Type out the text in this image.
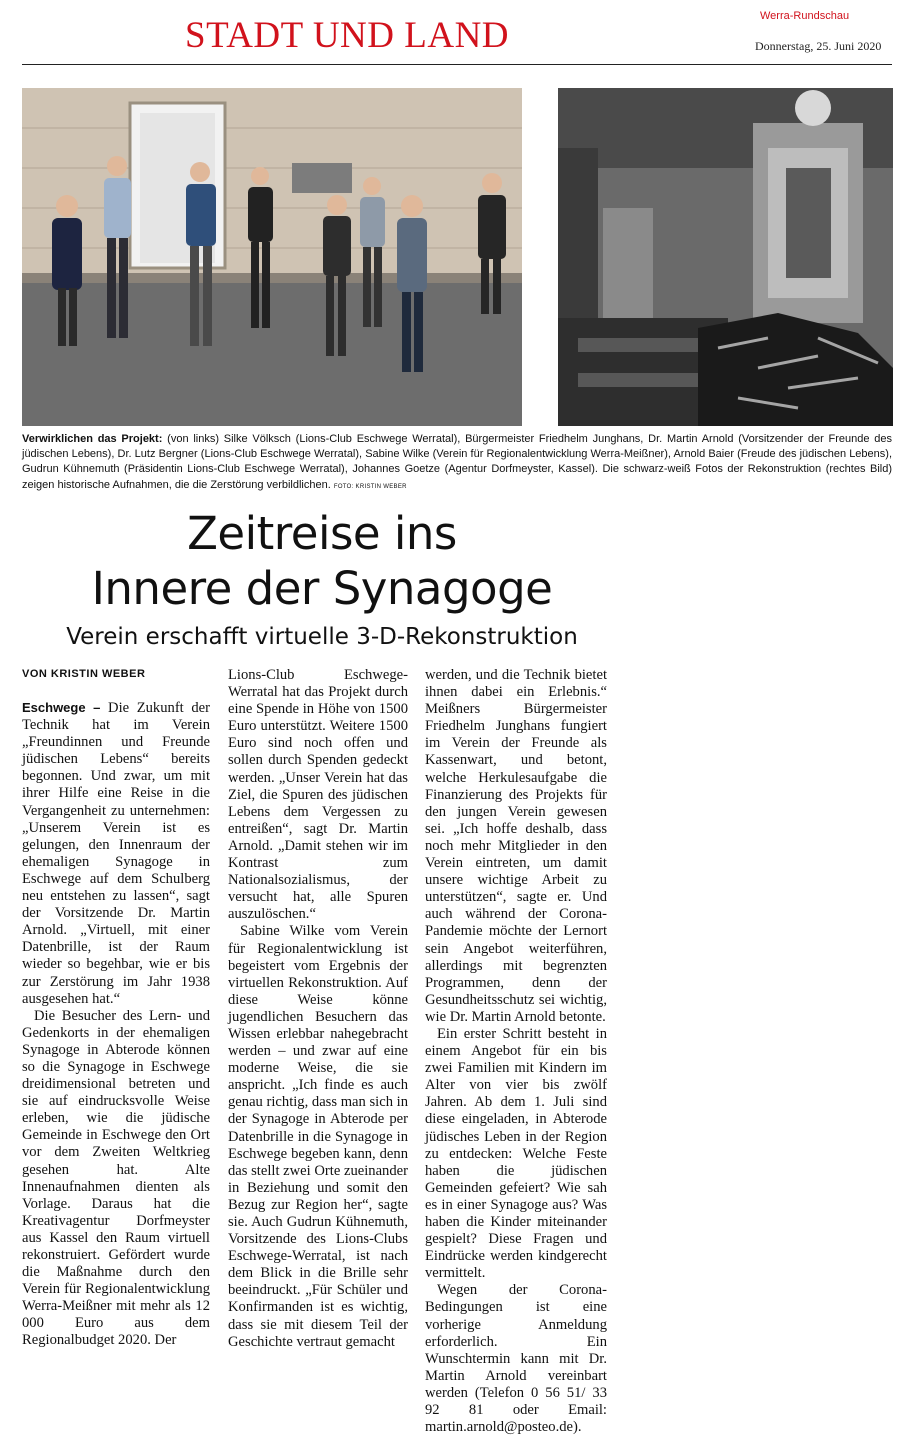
STADT UND LAND	Werra-Rundschau
Donnerstag, 25. Juni 2020
Verwirklichen das Projekt: (von links) Silke Völksch (Lions-Club Eschwege Werratal), Bürgermeister Friedhelm Junghans, Dr. Martin Arnold (Vorsitzender der Freunde des jüdischen Lebens), Dr. Lutz Bergner (Lions-Club Eschwege Werratal), Sabine Wilke (Verein für Regionalentwicklung Werra-Meißner), Arnold Baier (Freude des jüdischen Lebens), Gudrun Kühnemuth (Präsidentin Lions-Club Eschwege Werratal), Johannes Goetze (Agentur Dorfmeyster, Kassel). Die schwarz-weiß Fotos der Rekonstruktion (rechtes Bild) zeigen historische Aufnahmen, die die Zerstörung verbildlichen. FOTO: KRISTIN WEBER
Zeitreise ins
Innere der Synagoge
Verein erschafft virtuelle 3-D-Rekonstruktion
VON KRISTIN WEBER

Eschwege – Die Zukunft der Technik hat im Verein „Freundinnen und Freunde jüdischen Lebens“ bereits begonnen. Und zwar, um mit ihrer Hilfe eine Reise in die Vergangenheit zu unternehmen: „Unserem Verein ist es gelungen, den Innenraum der ehemaligen Synagoge in Eschwege auf dem Schulberg neu entstehen zu lassen“, sagt der Vorsitzende Dr. Martin Arnold. „Virtuell, mit einer Datenbrille, ist der Raum wieder so begehbar, wie er bis zur Zerstörung im Jahr 1938 ausgesehen hat.“

Die Besucher des Lern- und Gedenkorts in der ehemaligen Synagoge in Abterode können so die Synagoge in Eschwege dreidimensional betreten und sie auf eindrucksvolle Weise erleben, wie die jüdische Gemeinde in Eschwege den Ort vor dem Zweiten Weltkrieg gesehen hat. Alte Innenaufnahmen dienten als Vorlage. Daraus hat die Kreativagentur Dorfmeyster aus Kassel den Raum virtuell rekonstruiert. Gefördert wurde die Maßnahme durch den Verein für Regionalentwicklung Werra-Meißner mit mehr als 12 000 Euro aus dem Regionalbudget 2020. Der

Lions-Club Eschwege-Werratal hat das Projekt durch eine Spende in Höhe von 1500 Euro unterstützt. Weitere 1500 Euro sind noch offen und sollen durch Spenden gedeckt werden. „Unser Verein hat das Ziel, die Spuren des jüdischen Lebens dem Vergessen zu entreißen“, sagt Dr. Martin Arnold. „Damit stehen wir im Kontrast zum Nationalsozialismus, der versucht hat, alle Spuren auszulöschen.“

Sabine Wilke vom Verein für Regionalentwicklung ist begeistert vom Ergebnis der virtuellen Rekonstruktion. Auf diese Weise könne jugendlichen Besuchern das Wissen erlebbar nahegebracht werden – und zwar auf eine moderne Weise, die sie anspricht. „Ich finde es auch genau richtig, dass man sich in der Synagoge in Abterode per Datenbrille in die Synagoge in Eschwege begeben kann, denn das stellt zwei Orte zueinander in Beziehung und somit den Bezug zur Region her“, sagte sie. Auch Gudrun Kühnemuth, Vorsitzende des Lions-Clubs Eschwege-Werratal, ist nach dem Blick in die Brille sehr beeindruckt. „Für Schüler und Konfirmanden ist es wichtig, dass sie mit diesem Teil der Geschichte vertraut gemacht

werden, und die Technik bietet ihnen dabei ein Erlebnis.“ Meißners Bürgermeister Friedhelm Junghans fungiert im Verein der Freunde als Kassenwart, und betont, welche Herkulesaufgabe die Finanzierung des Projekts für den jungen Verein gewesen sei. „Ich hoffe deshalb, dass noch mehr Mitglieder in den Verein eintreten, um damit unsere wichtige Arbeit zu unterstützen“, sagte er. Und auch während der Corona-Pandemie möchte der Lernort sein Angebot weiterführen, allerdings mit begrenzten Programmen, denn der Gesundheitsschutz sei wichtig, wie Dr. Martin Arnold betonte.

Ein erster Schritt besteht in einem Angebot für ein bis zwei Familien mit Kindern im Alter von vier bis zwölf Jahren. Ab dem 1. Juli sind diese eingeladen, in Abterode jüdisches Leben in der Region zu entdecken: Welche Feste haben die jüdischen Gemeinden gefeiert? Wie sah es in einer Synagoge aus? Was haben die Kinder miteinander gespielt? Diese Fragen und Eindrücke werden kindgerecht vermittelt.

Wegen der Corona-Bedingungen ist eine vorherige Anmeldung erforderlich. Ein Wunschtermin kann mit Dr. Martin Arnold vereinbart werden (Telefon 0 56 51/ 33 92 81 oder Email: martin.arnold@posteo.de).
